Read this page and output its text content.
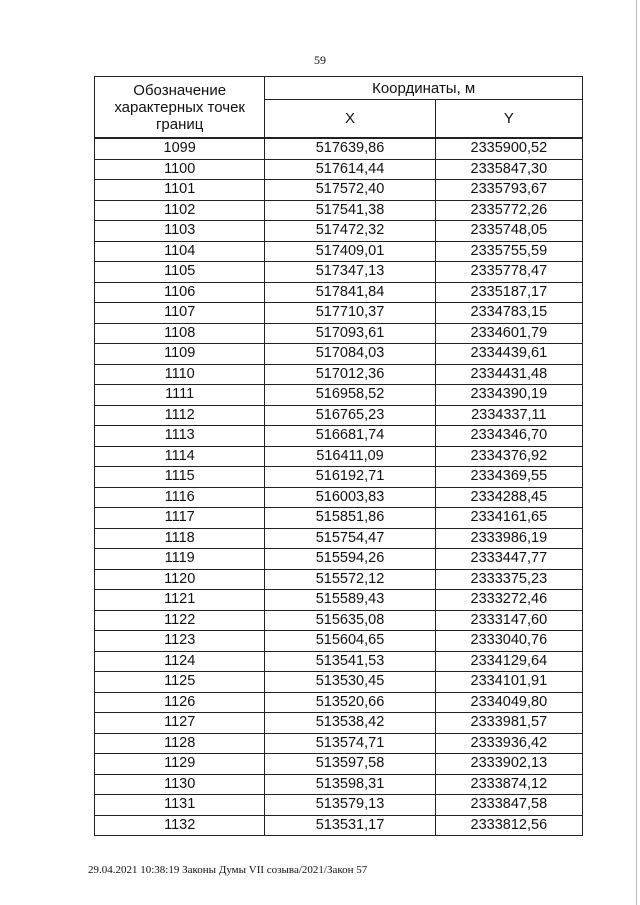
59
Обозначение
характерных точек
границ	Координаты, м	
	X	Y
1099	517639,86	2335900,52
1100	517614,44	2335847,30
1101	517572,40	2335793,67
1102	517541,38	2335772,26
1103	517472,32	2335748,05
1104	517409,01	2335755,59
1105	517347,13	2335778,47
1106	517841,84	2335187,17
1107	517710,37	2334783,15
1108	517093,61	2334601,79
1109	517084,03	2334439,61
1110	517012,36	2334431,48
1111	516958,52	2334390,19
1112	516765,23	2334337,11
1113	516681,74	2334346,70
1114	516411,09	2334376,92
1115	516192,71	2334369,55
1116	516003,83	2334288,45
1117	515851,86	2334161,65
1118	515754,47	2333986,19
1119	515594,26	2333447,77
1120	515572,12	2333375,23
1121	515589,43	2333272,46
1122	515635,08	2333147,60
1123	515604,65	2333040,76
1124	513541,53	2334129,64
1125	513530,45	2334101,91
1126	513520,66	2334049,80
1127	513538,42	2333981,57
1128	513574,71	2333936,42
1129	513597,58	2333902,13
1130	513598,31	2333874,12
1131	513579,13	2333847,58
1132	513531,17	2333812,56
29.04.2021 10:38:19 Законы Думы VII созыва/2021/Закон 57
